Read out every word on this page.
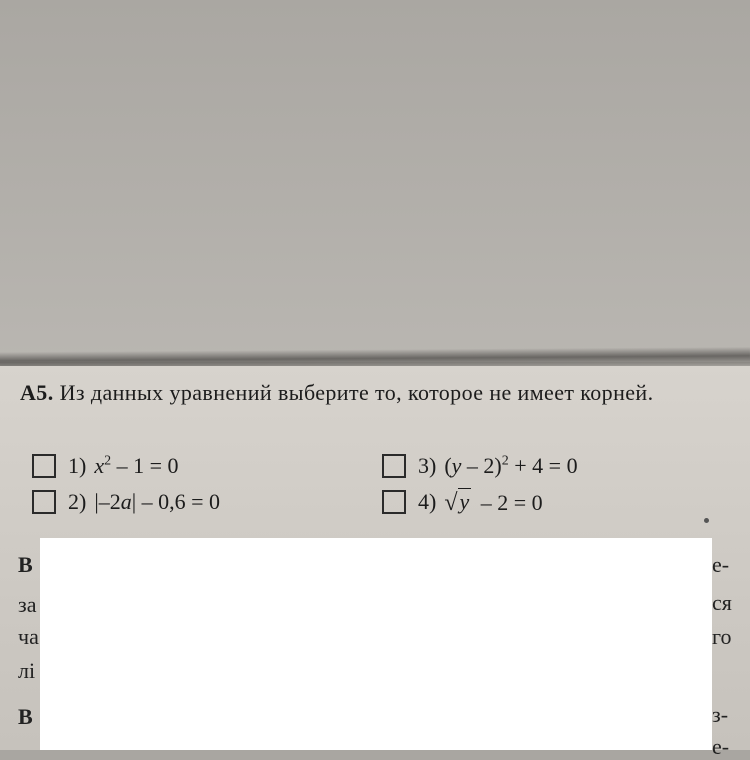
A5. Из данных уравнений выберите то, которое не имеет корней.

1) $x^2 - 1 = 0$
2) |–2a| – 0,6 = 0
3) (y – 2)$^2$ + 4 = 0
4) √ y – 2 = 0
В
за
ча
лі
В
е-
ся
го
з-
е-
